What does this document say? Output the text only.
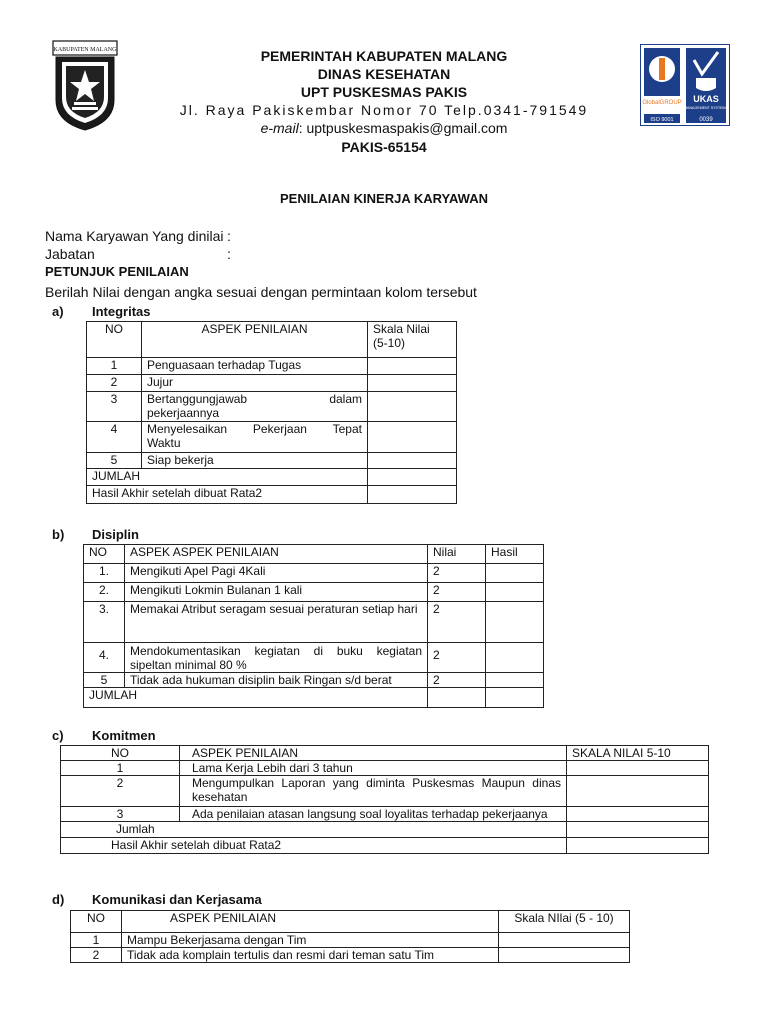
KABUPATEN MALANG	PEMERINTAH KABUPATEN MALANG
DINAS KESEHATAN
UPT PUSKESMAS PAKIS
Jl. Raya Pakiskembar Nomor 70 Telp.0341-791549
e-mail: uptpuskesmaspakis@gmail.com
PAKIS-65154
GlobalGROUP
ISO 9001
UKAS
MANAGEMENT SYSTEMS
0039
PENILAIAN KINERJA KARYAWAN
Nama Karyawan Yang dinilai :
Jabatan	:
PETUNJUK PENILAIAN
Berilah Nilai dengan angka sesuai dengan permintaan kolom tersebut
a) Integritas
NO	ASPEK PENILAIAN	Skala Nilai
(5-10)

1	Penguasaan terhadap Tugas	
2	Jujur	
3	Bertanggungjawab dalam
pekerjaannya	

4	Menyelesaikan Pekerjaan Tepat
Waktu	

5	Siap bekerja	
JUMLAH		
Hasil Akhir setelah dibuat Rata2		
b) Disiplin
NO	ASPEK ASPEK PENILAIAN	Nilai	Hasil
1.	Mengikuti Apel Pagi 4Kali	2	
2.	Mengikuti Lokmin Bulanan 1 kali	2	
3.	Memakai Atribut seragam sesuai peraturan setiap hari	2	
4.	Mendokumentasikan kegiatan di buku kegiatan sipeltan minimal 80 %	2	
5	Tidak ada hukuman disiplin baik Ringan s/d berat	2	
JUMLAH			
c) Komitmen
NO	ASPEK PENILAIAN	SKALA NILAI 5-10
1	Lama Kerja Lebih dari 3 tahun	
2	Mengumpulkan Laporan yang diminta Puskesmas Maupun dinas kesehatan	
3	Ada penilaian atasan langsung soal loyalitas terhadap pekerjaanya	
Jumlah		
Hasil Akhir setelah dibuat Rata2		
d) Komunikasi dan Kerjasama
NO	ASPEK PENILAIAN	Skala NIlai (5 - 10)
1	Mampu Bekerjasama dengan Tim	
2	Tidak ada komplain tertulis dan resmi dari teman satu Tim	
